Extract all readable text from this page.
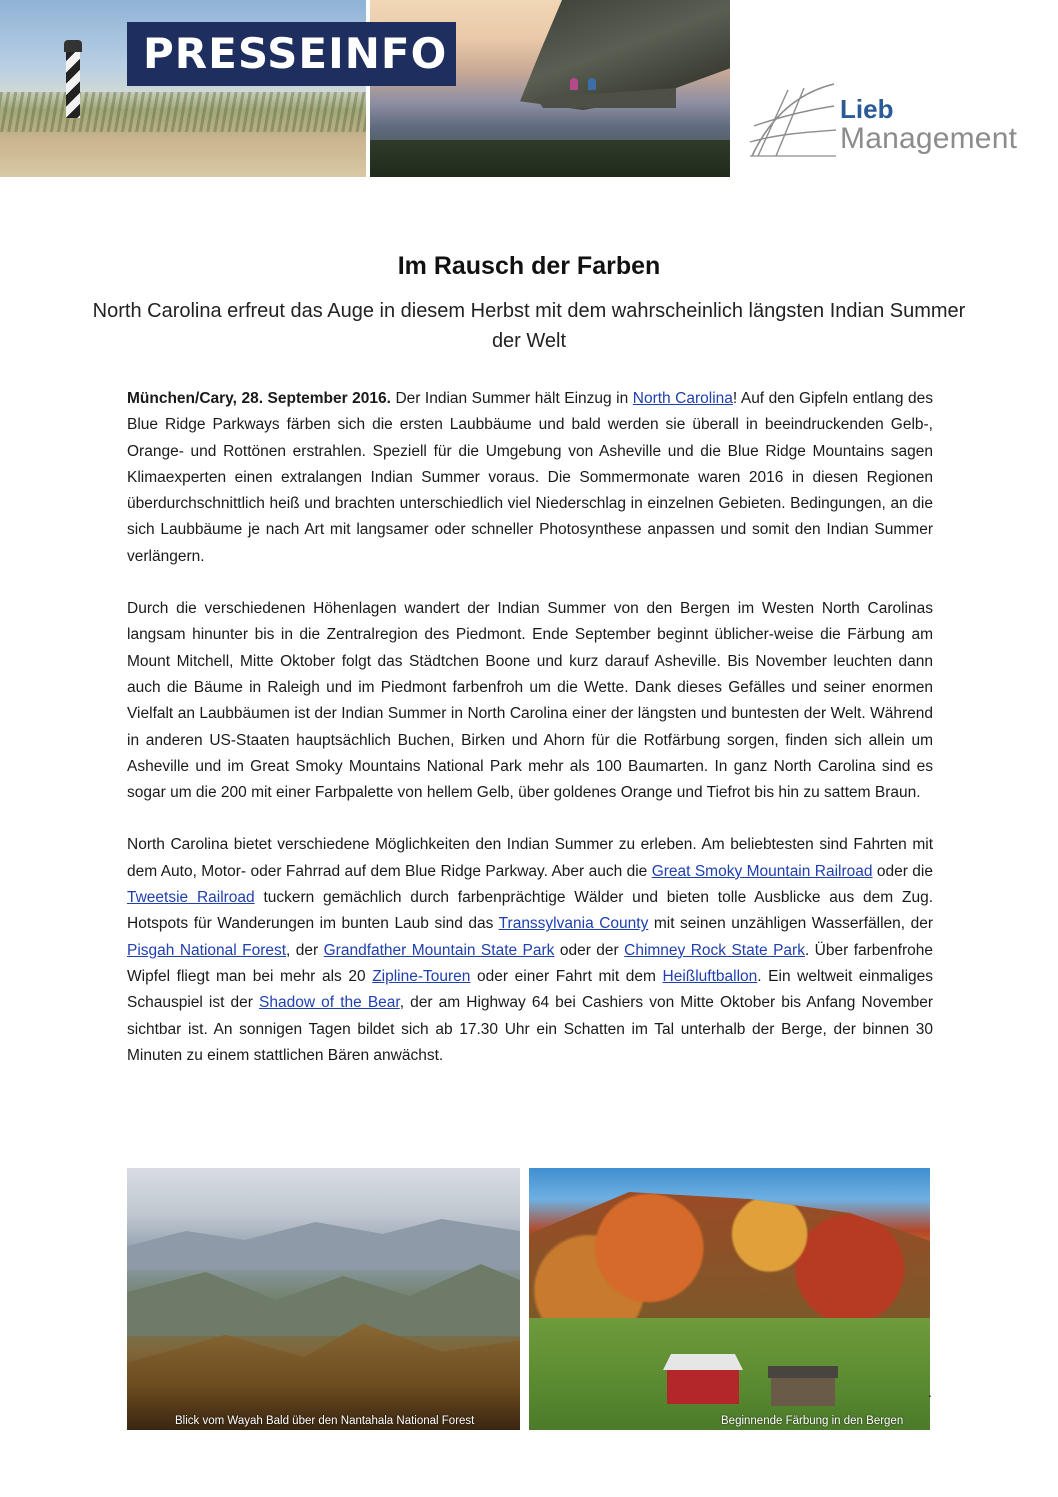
PRESSEINFO
Lieb
Management
Im Rausch der Farben
North Carolina erfreut das Auge in diesem Herbst mit dem wahrscheinlich längsten Indian Summer der Welt

München/Cary, 28. September 2016. Der Indian Summer hält Einzug in North Carolina! Auf den Gipfeln entlang des Blue Ridge Parkways färben sich die ersten Laubbäume und bald werden sie überall in beeindruckenden Gelb-, Orange- und Rottönen erstrahlen. Speziell für die Umgebung von Asheville und die Blue Ridge Mountains sagen Klimaexperten einen extralangen Indian Summer voraus. Die Sommermonate waren 2016 in diesen Regionen überdurchschnittlich heiß und brachten unterschiedlich viel Niederschlag in einzelnen Gebieten. Bedingungen, an die sich Laubbäume je nach Art mit langsamer oder schneller Photosynthese anpassen und somit den Indian Summer verlängern.

Durch die verschiedenen Höhenlagen wandert der Indian Summer von den Bergen im Westen North Carolinas langsam hinunter bis in die Zentralregion des Piedmont. Ende September beginnt üblicher-weise die Färbung am Mount Mitchell, Mitte Oktober folgt das Städtchen Boone und kurz darauf Asheville. Bis November leuchten dann auch die Bäume in Raleigh und im Piedmont farbenfroh um die Wette. Dank dieses Gefälles und seiner enormen Vielfalt an Laubbäumen ist der Indian Summer in North Carolina einer der längsten und buntesten der Welt. Während in anderen US-Staaten hauptsächlich Buchen, Birken und Ahorn für die Rotfärbung sorgen, finden sich allein um Asheville und im Great Smoky Mountains National Park mehr als 100 Baumarten. In ganz North Carolina sind es sogar um die 200 mit einer Farbpalette von hellem Gelb, über goldenes Orange und Tiefrot bis hin zu sattem Braun.

North Carolina bietet verschiedene Möglichkeiten den Indian Summer zu erleben. Am beliebtesten sind Fahrten mit dem Auto, Motor- oder Fahrrad auf dem Blue Ridge Parkway. Aber auch die Great Smoky Mountain Railroad oder die Tweetsie Railroad tuckern gemächlich durch farbenprächtige Wälder und bieten tolle Ausblicke aus dem Zug. Hotspots für Wanderungen im bunten Laub sind das Transsylvania County mit seinen unzähligen Wasserfällen, der Pisgah National Forest, der Grandfather Mountain State Park oder der Chimney Rock State Park. Über farbenfrohe Wipfel fliegt man bei mehr als 20 Zipline-Touren oder einer Fahrt mit dem Heißluftballon. Ein weltweit einmaliges Schauspiel ist der Shadow of the Bear, der am Highway 64 bei Cashiers von Mitte Oktober bis Anfang November sichtbar ist. An sonnigen Tagen bildet sich ab 17.30 Uhr ein Schatten im Tal unterhalb der Berge, der binnen 30 Minuten zu einem stattlichen Bären anwächst.

Blick vom Wayah Bald über den Nantahala National Forest	Beginnende Färbung in den Bergen
.
